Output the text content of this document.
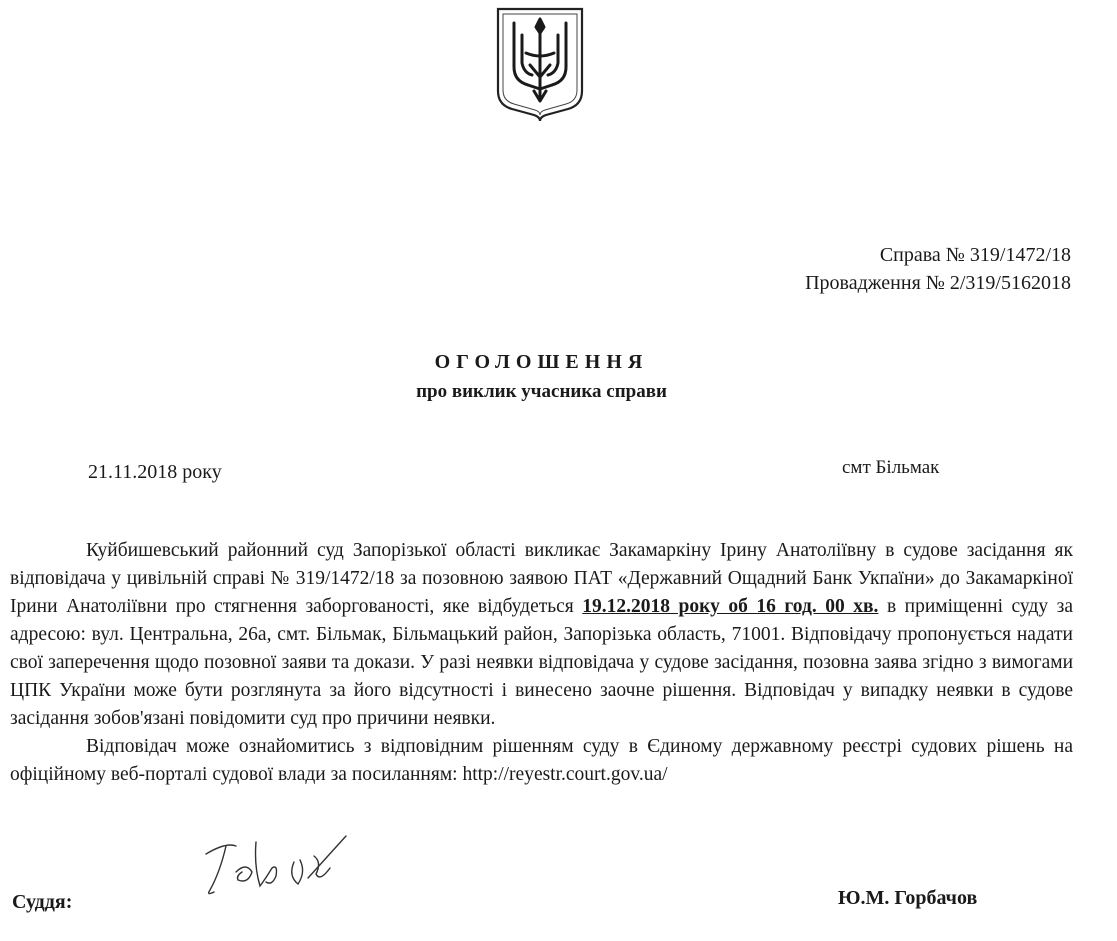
Справа № 319/1472/18
Провадження № 2/319/5162018
ОГОЛОШЕННЯ
про виклик учасника справи
21.11.2018 року	смт Більмак

Куйбишевський районний суд Запорізької області викликає Закамаркіну Ірину Анатоліївну в судове засідання як відповідача у цивільній справі № 319/1472/18 за позовною заявою ПАТ «Державний Ощадний Банк Укпаїни» до Закамаркіної Ірини Анатоліївни про стягнення заборгованості, яке відбудеться 19.12.2018 року об 16 год. 00 хв. в приміщенні суду за адресою: вул. Центральна, 26а, смт. Більмак, Більмацький район, Запорізька область, 71001. Відповідачу пропонується надати свої заперечення щодо позовної заяви та докази. У разі неявки відповідача у судове засідання, позовна заява згідно з вимогами ЦПК України може бути розглянута за його відсутності і винесено заочне рішення. Відповідач у випадку неявки в судове засідання зобов'язані повідомити суд про причини неявки.

Відповідач може ознайомитись з відповідним рішенням суду в Єдиному державному реєстрі судових рішень на офіційному веб-порталі судової влади за посиланням: http://reyestr.court.gov.ua/

Суддя:	Ю.М. Горбачов
